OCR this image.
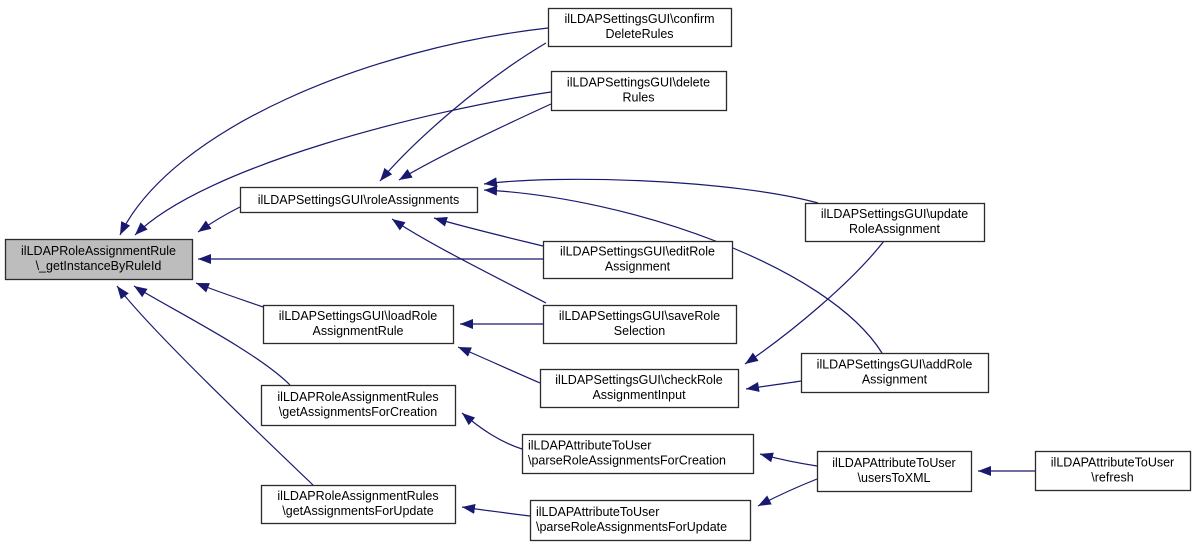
ilLDAPRoleAssignmentRule
\_getInstanceByRuleId
ilLDAPSettingsGUI\confirm
DeleteRules
ilLDAPSettingsGUI\delete
Rules
ilLDAPSettingsGUI\roleAssignments
ilLDAPSettingsGUI\editRole
Assignment
ilLDAPSettingsGUI\saveRole
Selection
ilLDAPSettingsGUI\checkRole
AssignmentInput
ilLDAPSettingsGUI\update
RoleAssignment
ilLDAPSettingsGUI\addRole
Assignment
ilLDAPSettingsGUI\loadRole
AssignmentRule
ilLDAPRoleAssignmentRules
\getAssignmentsForCreation
ilLDAPRoleAssignmentRules
\getAssignmentsForUpdate
ilLDAPAttributeToUser
\parseRoleAssignmentsForCreation
ilLDAPAttributeToUser
\parseRoleAssignmentsForUpdate
ilLDAPAttributeToUser
\usersToXML
ilLDAPAttributeToUser
\refresh
